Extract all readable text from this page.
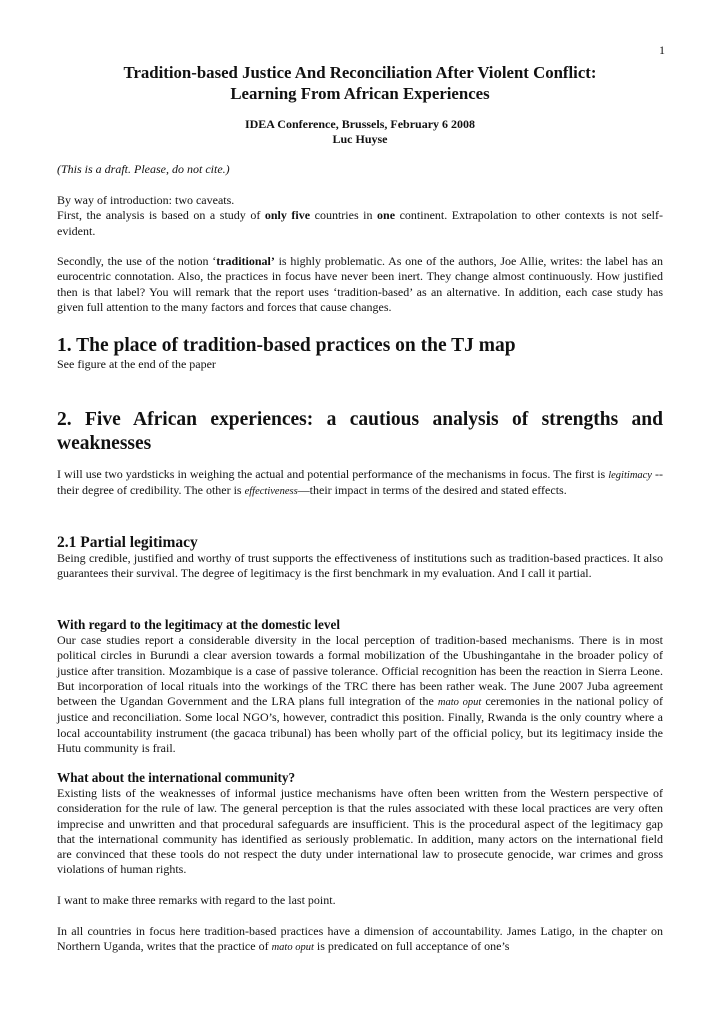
1
Tradition-based Justice And Reconciliation After Violent Conflict:
Learning From African Experiences
IDEA Conference, Brussels, February 6 2008
Luc Huyse
(This is a draft. Please, do not cite.)

By way of introduction: two caveats.

First, the analysis is based on a study of only five countries in one continent. Extrapolation to other contexts is not self-evident.

Secondly, the use of the notion ‘traditional’ is highly problematic. As one of the authors, Joe Allie, writes: the label has an eurocentric connotation. Also, the practices in focus have never been inert. They change almost continuously. How justified then is that label? You will remark that the report uses ‘tradition-based’ as an alternative. In addition, each case study has given full attention to the many factors and forces that cause changes.

1. The place of tradition-based practices on the TJ map
See figure at the end of the paper
2. Five African experiences: a cautious analysis of strengths and
weaknesses

I will use two yardsticks in weighing the actual and potential performance of the mechanisms in focus. The first is legitimacy -- their degree of credibility. The other is effectiveness—their impact in terms of the desired and stated effects.

2.1 Partial legitimacy

Being credible, justified and worthy of trust supports the effectiveness of institutions such as tradition-based practices. It also guarantees their survival. The degree of legitimacy is the first benchmark in my evaluation. And I call it partial.

With regard to the legitimacy at the domestic level

Our case studies report a considerable diversity in the local perception of tradition-based mechanisms. There is in most political circles in Burundi a clear aversion towards a formal mobilization of the Ubushingantahe in the broader policy of justice after transition. Mozambique is a case of passive tolerance. Official recognition has been the reaction in Sierra Leone. But incorporation of local rituals into the workings of the TRC there has been rather weak. The June 2007 Juba agreement between the Ugandan Government and the LRA plans full integration of the mato oput ceremonies in the national policy of justice and reconciliation. Some local NGO’s, however, contradict this position. Finally, Rwanda is the only country where a local accountability instrument (the gacaca tribunal) has been wholly part of the official policy, but its legitimacy inside the Hutu community is frail.

What about the international community?

Existing lists of the weaknesses of informal justice mechanisms have often been written from the Western perspective of consideration for the rule of law. The general perception is that the rules associated with these local practices are very often imprecise and unwritten and that procedural safeguards are insufficient. This is the procedural aspect of the legitimacy gap that the international community has identified as seriously problematic. In addition, many actors on the international field are convinced that these tools do not respect the duty under international law to prosecute genocide, war crimes and gross violations of human rights.

I want to make three remarks with regard to the last point.

In all countries in focus here tradition-based practices have a dimension of accountability. James Latigo, in the chapter on Northern Uganda, writes that the practice of mato oput is predicated on full acceptance of one’s
